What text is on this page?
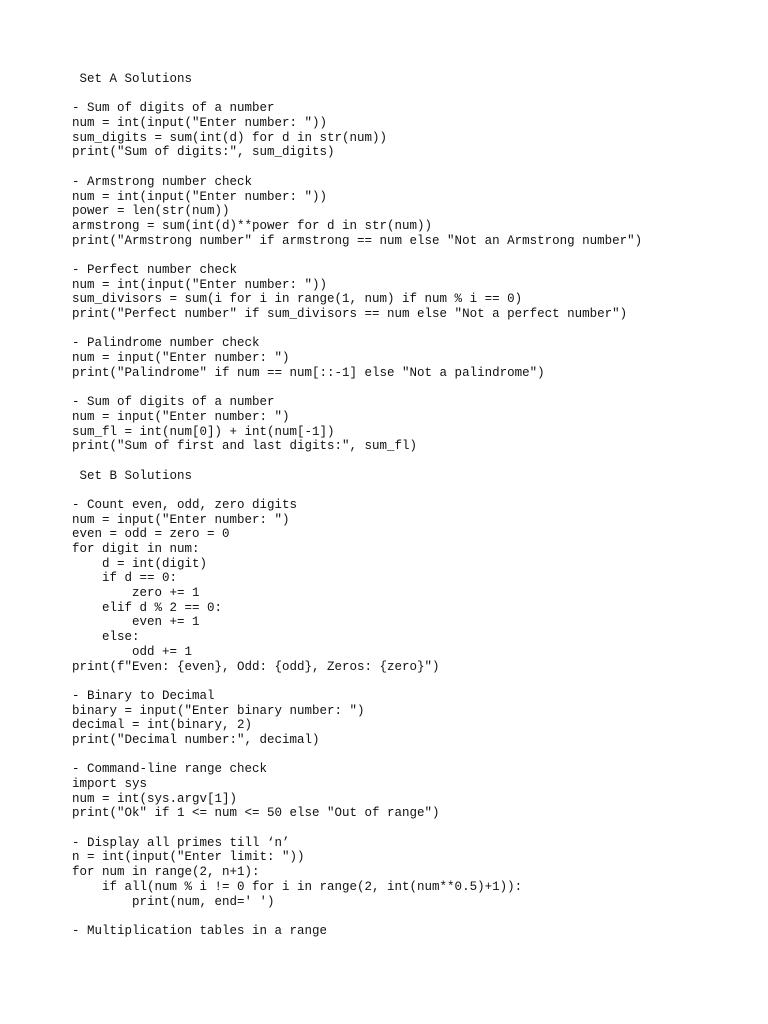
Set A Solutions
- Sum of digits of a number
num = int(input("Enter number: "))
sum_digits = sum(int(d) for d in str(num))
print("Sum of digits:", sum_digits)
- Armstrong number check
num = int(input("Enter number: "))
power = len(str(num))
armstrong = sum(int(d)**power for d in str(num))
print("Armstrong number" if armstrong == num else "Not an Armstrong number")
- Perfect number check
num = int(input("Enter number: "))
sum_divisors = sum(i for i in range(1, num) if num % i == 0)
print("Perfect number" if sum_divisors == num else "Not a perfect number")
- Palindrome number check
num = input("Enter number: ")
print("Palindrome" if num == num[::-1] else "Not a palindrome")
- Sum of digits of a number
num = input("Enter number: ")
sum_fl = int(num[0]) + int(num[-1])
print("Sum of first and last digits:", sum_fl)
Set B Solutions
- Count even, odd, zero digits
num = input("Enter number: ")
even = odd = zero = 0
for digit in num:
d = int(digit)
if d == 0:
zero += 1
elif d % 2 == 0:
even += 1
else:
odd += 1
print(f"Even: {even}, Odd: {odd}, Zeros: {zero}")
- Binary to Decimal
binary = input("Enter binary number: ")
decimal = int(binary, 2)
print("Decimal number:", decimal)
- Command-line range check
import sys
num = int(sys.argv[1])
print("Ok" if 1 <= num <= 50 else "Out of range")
- Display all primes till ‘n’
n = int(input("Enter limit: "))
for num in range(2, n+1):
if all(num % i != 0 for i in range(2, int(num**0.5)+1)):
print(num, end=' ')
- Multiplication tables in a range
